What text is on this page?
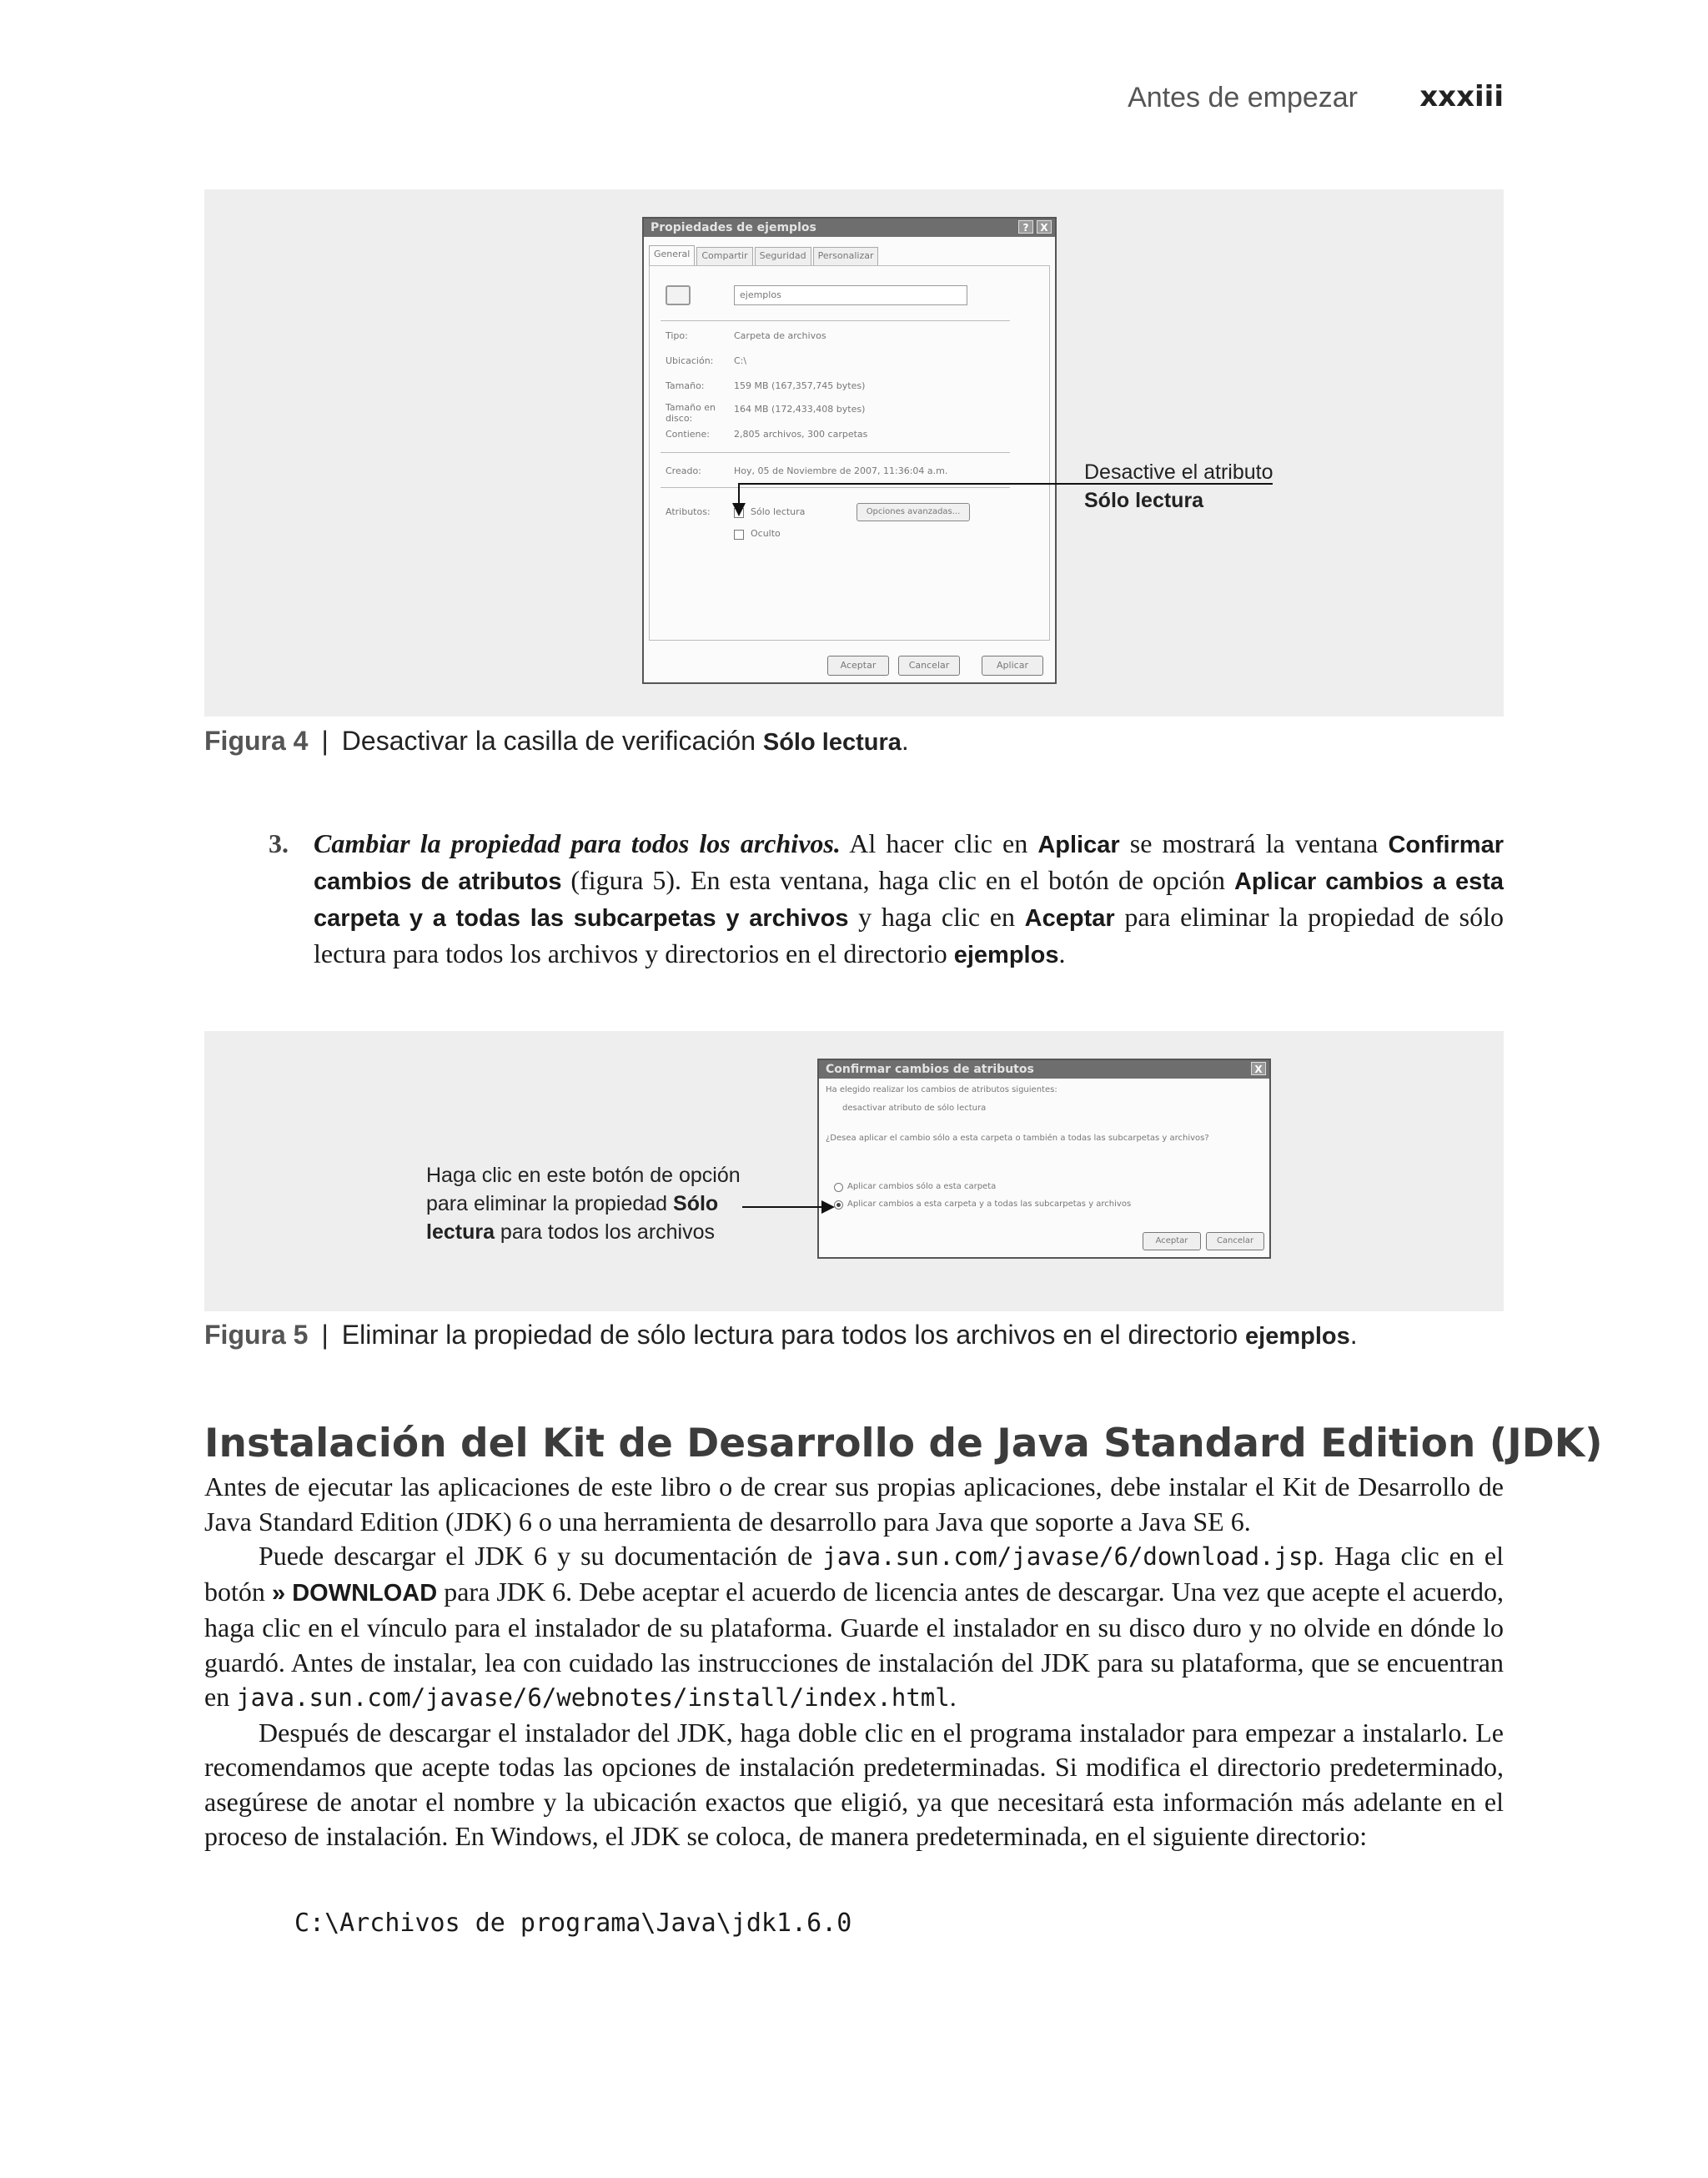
Antes de empezar xxxiii
Propiedades de ejemplos	?	X
General	Compartir	Seguridad	Personalizar
ejemplos
Tipo:	Carpeta de archivos
Ubicación: C:\
Tamaño:	159 MB (167,357,745 bytes)
Tamaño en disco:
164 MB (172,433,408 bytes)
Contiene:	2,805 archivos, 300 carpetas
Creado:	Hoy, 05 de Noviembre de 2007, 11:36:04 a.m.
Atributos:	Sólo lectura	Opciones avanzadas...
Oculto
Aceptar	Cancelar	Aplicar
Desactive el atributo
Sólo lectura
Figura 4 | Desactivar la casilla de verificación Sólo lectura.
3. Cambiar la propiedad para todos los archivos. Al hacer clic en Aplicar se mostrará la ventana Confirmar cambios de atributos (figura 5). En esta ventana, haga clic en el botón de opción Aplicar cambios a esta carpeta y a todas las subcarpetas y archivos y haga clic en Aceptar para eliminar la propiedad de sólo lectura para todos los archivos y directorios en el directorio ejemplos.
Confirmar cambios de atributos	X
Ha elegido realizar los cambios de atributos siguientes:
desactivar atributo de sólo lectura
¿Desea aplicar el cambio sólo a esta carpeta o también a todas las subcarpetas y archivos?
Aplicar cambios sólo a esta carpeta
Aplicar cambios a esta carpeta y a todas las subcarpetas y archivos
Aceptar	Cancelar
Haga clic en este botón de opción
para eliminar la propiedad Sólo
lectura para todos los archivos
Figura 5 | Eliminar la propiedad de sólo lectura para todos los archivos en el directorio ejemplos.
Instalación del Kit de Desarrollo de Java Standard Edition (JDK)

Antes de ejecutar las aplicaciones de este libro o de crear sus propias aplicaciones, debe instalar el Kit de Desarrollo de Java Standard Edition (JDK) 6 o una herramienta de desarrollo para Java que soporte a Java SE 6.

Puede descargar el JDK 6 y su documentación de java.sun.com/javase/6/download.jsp. Haga clic en el botón » DOWNLOAD para JDK 6. Debe aceptar el acuerdo de licencia antes de descargar. Una vez que acepte el acuerdo, haga clic en el vínculo para el instalador de su plataforma. Guarde el instalador en su disco duro y no olvide en dónde lo guardó. Antes de instalar, lea con cuidado las instrucciones de instalación del JDK para su plataforma, que se encuentran en java.sun.com/javase/6/webnotes/install/index.html.

Después de descargar el instalador del JDK, haga doble clic en el programa instalador para empezar a instalarlo. Le recomendamos que acepte todas las opciones de instalación predeterminadas. Si modifica el directorio predeterminado, asegúrese de anotar el nombre y la ubicación exactos que eligió, ya que necesitará esta información más adelante en el proceso de instalación. En Windows, el JDK se coloca, de manera predeterminada, en el siguiente directorio:

C:\Archivos de programa\Java\jdk1.6.0
